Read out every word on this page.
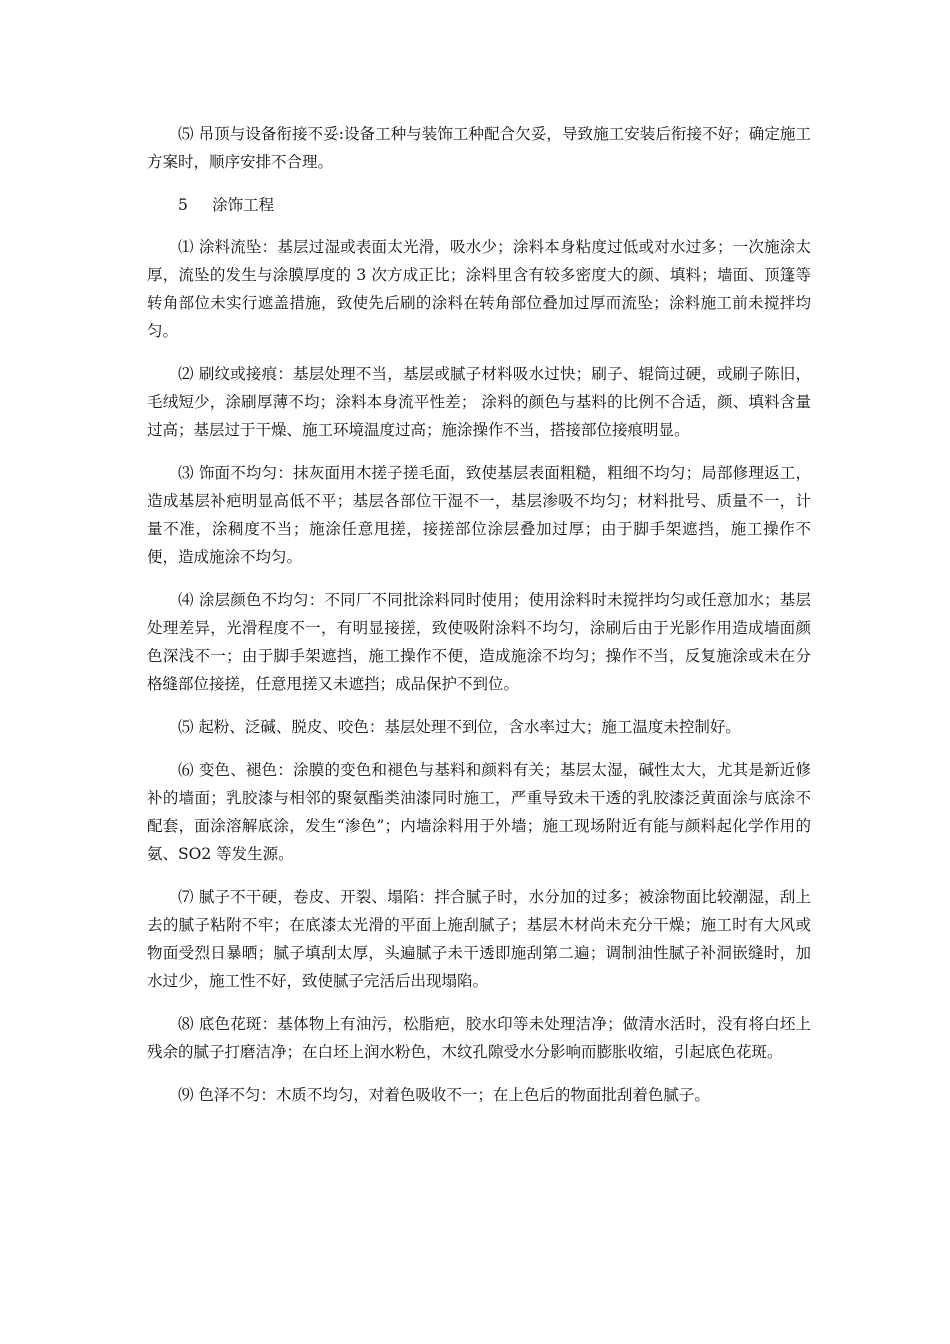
⑸ 吊顶与设备衔接不妥:设备工种与装饰工种配合欠妥，导致施工安装后衔接不好；确定施工方案时，顺序安排不合理。

5 涂饰工程

⑴ 涂料流坠：基层过湿或表面太光滑，吸水少；涂料本身粘度过低或对水过多；一次施涂太厚，流坠的发生与涂膜厚度的 3 次方成正比；涂料里含有较多密度大的颜、填料；墙面、顶篷等转角部位未实行遮盖措施，致使先后刷的涂料在转角部位叠加过厚而流坠；涂料施工前未搅拌均匀。

⑵ 刷纹或接痕：基层处理不当，基层或腻子材料吸水过快；刷子、辊筒过硬，或刷子陈旧，毛绒短少，涂刷厚薄不均；涂料本身流平性差； 涂料的颜色与基料的比例不合适，颜、填料含量过高；基层过于干燥、施工环境温度过高；施涂操作不当，搭接部位接痕明显。

⑶ 饰面不均匀：抹灰面用木搓子搓毛面，致使基层表面粗糙，粗细不均匀；局部修理返工，造成基层补疤明显高低不平；基层各部位干湿不一，基层渗吸不均匀；材料批号、质量不一，计量不准，涂稠度不当；施涂任意甩搓，接搓部位涂层叠加过厚；由于脚手架遮挡，施工操作不便，造成施涂不均匀。

⑷ 涂层颜色不均匀：不同厂不同批涂料同时使用；使用涂料时未搅拌均匀或任意加水；基层处理差异，光滑程度不一，有明显接搓，致使吸附涂料不均匀，涂刷后由于光影作用造成墙面颜色深浅不一；由于脚手架遮挡，施工操作不便，造成施涂不均匀；操作不当，反复施涂或未在分格缝部位接搓，任意甩搓又未遮挡；成品保护不到位。

⑸ 起粉、泛碱、脱皮、咬色：基层处理不到位，含水率过大；施工温度未控制好。

⑹ 变色、褪色：涂膜的变色和褪色与基料和颜料有关；基层太湿，碱性太大，尤其是新近修补的墙面；乳胶漆与相邻的聚氨酯类油漆同时施工，严重导致未干透的乳胶漆泛黄面涂与底涂不配套，面涂溶解底涂，发生“渗色”；内墙涂料用于外墙；施工现场附近有能与颜料起化学作用的氨、SO2 等发生源。

⑺ 腻子不干硬，卷皮、开裂、塌陷：拌合腻子时，水分加的过多；被涂物面比较潮湿，刮上去的腻子粘附不牢；在底漆太光滑的平面上施刮腻子；基层木材尚未充分干燥；施工时有大风或物面受烈日暴晒；腻子填刮太厚，头遍腻子未干透即施刮第二遍；调制油性腻子补洞嵌缝时，加水过少，施工性不好，致使腻子完活后出现塌陷。

⑻ 底色花斑：基体物上有油污，松脂疤，胶水印等未处理洁净；做清水活时，没有将白坯上残余的腻子打磨洁净；在白坯上润水粉色，木纹孔隙受水分影响而膨胀收缩，引起底色花斑。

⑼ 色泽不匀：木质不均匀，对着色吸收不一；在上色后的物面批刮着色腻子。
